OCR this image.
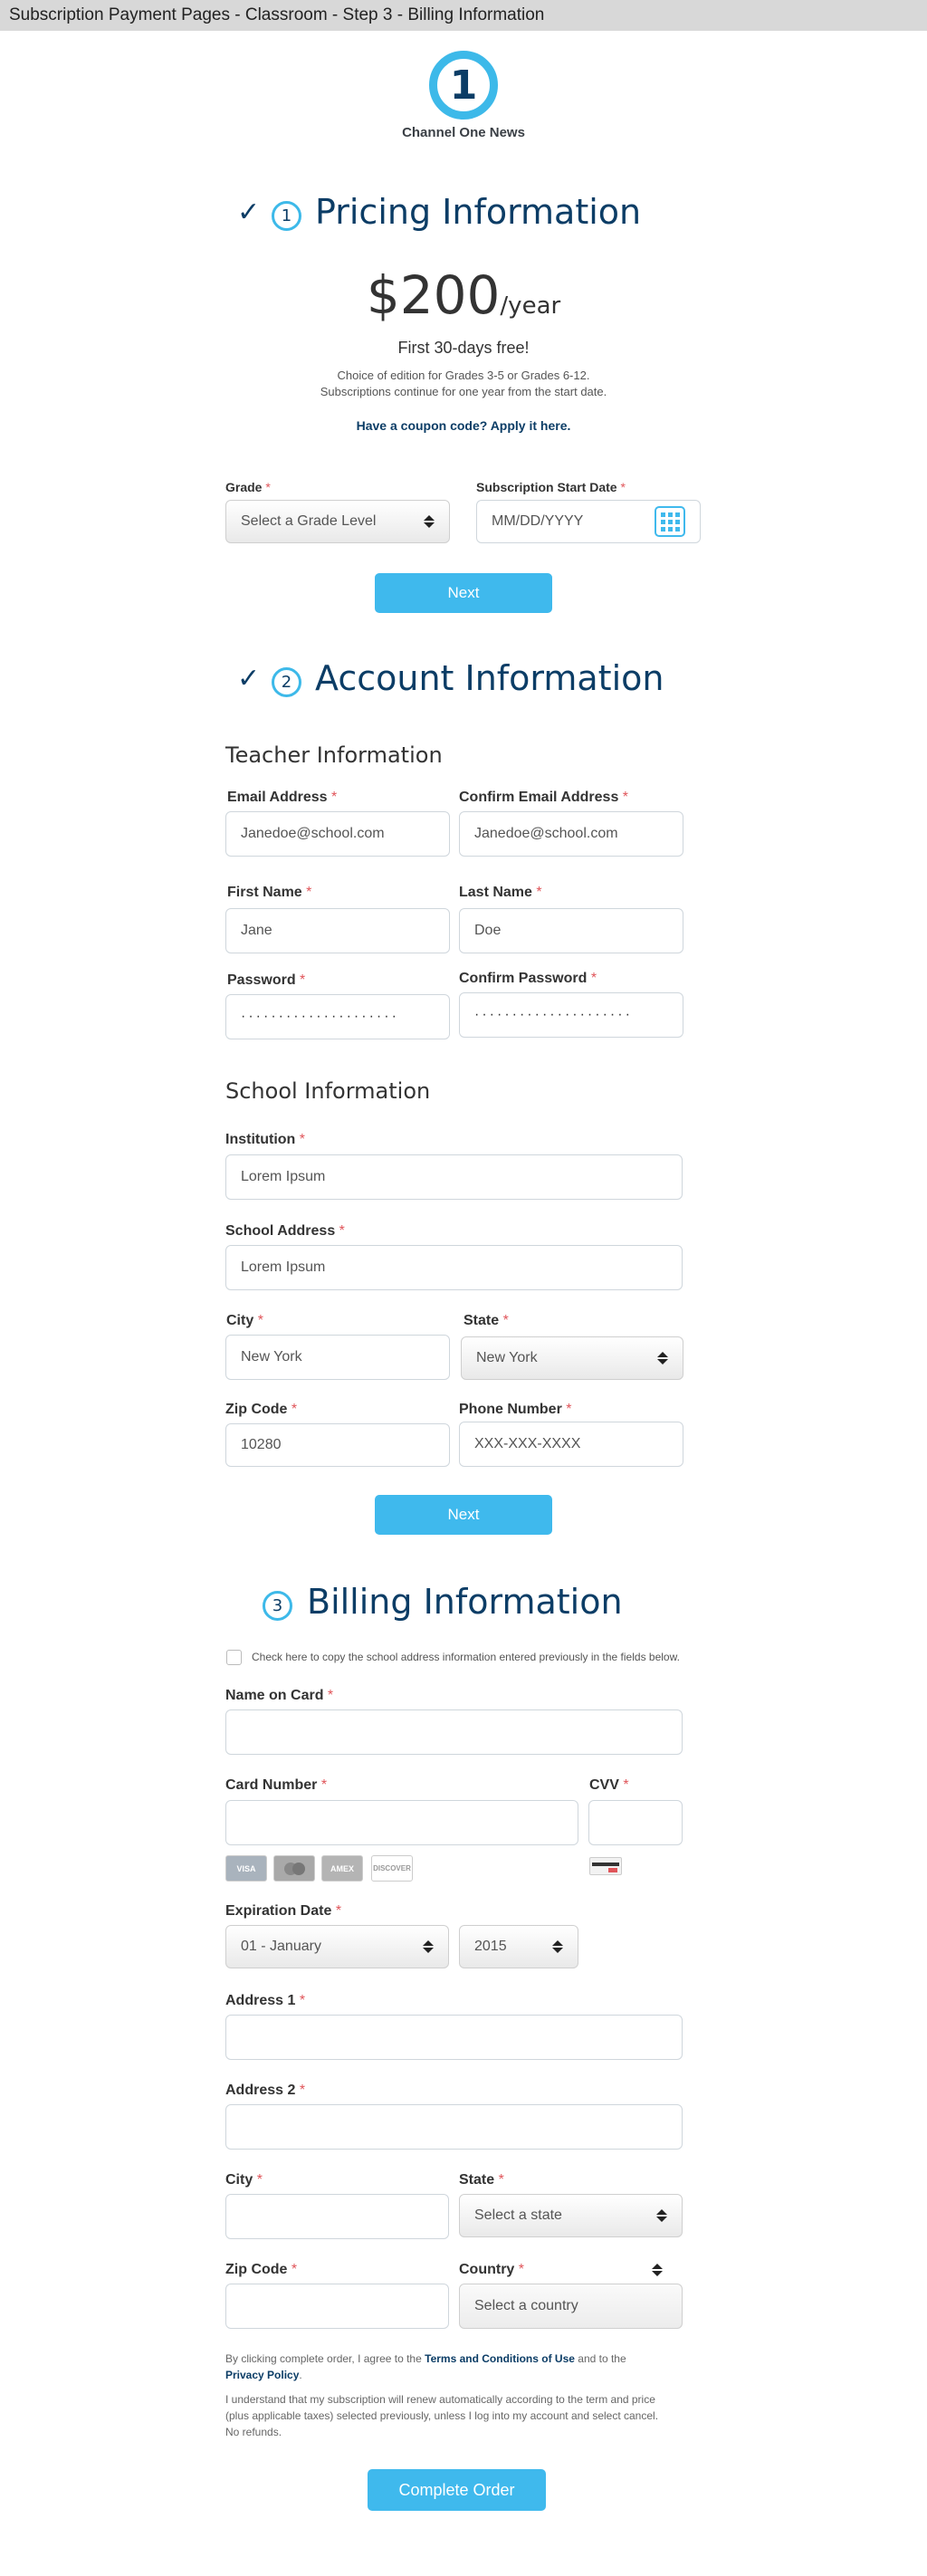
Subscription Payment Pages - Classroom - Step 3 - Billing Information
1
Channel One News
✓	1 Pricing Information
$200/year
First 30-days free!
Choice of edition for Grades 3-5 or Grades 6-12.
Subscriptions continue for one year from the start date.
Have a coupon code? Apply it here.
Grade *
Select a Grade Level
Subscription Start Date *
MM/DD/YYYY
Next
✓	2 Account Information
Teacher Information
Email Address *
Janedoe@school.com
Confirm Email Address *
Janedoe@school.com
First Name *
Jane
Last Name *
Doe
Password *
·····················
Confirm Password *
·····················
School Information
Institution *
Lorem Ipsum
School Address *
Lorem Ipsum
City *
New York
State *
New York
Zip Code *
10280
Phone Number *
XXX-XXX-XXXX
Next
3 Billing Information
Check here to copy the school address information entered previously in the fields below.
Name on Card *
Card Number *	CVV *
VISA	AMEX	DISCOVER
Expiration Date *
01 - January	2015
Address 1 *
Address 2 *
City *	State *
Select a state
Zip Code *	Country *
Select a country
By clicking complete order, I agree to the Terms and Conditions of Use and to the
Privacy Policy.
I understand that my subscription will renew automatically according to the term and price (plus applicable taxes) selected previously, unless I log into my account and select cancel. No refunds.
Complete Order
